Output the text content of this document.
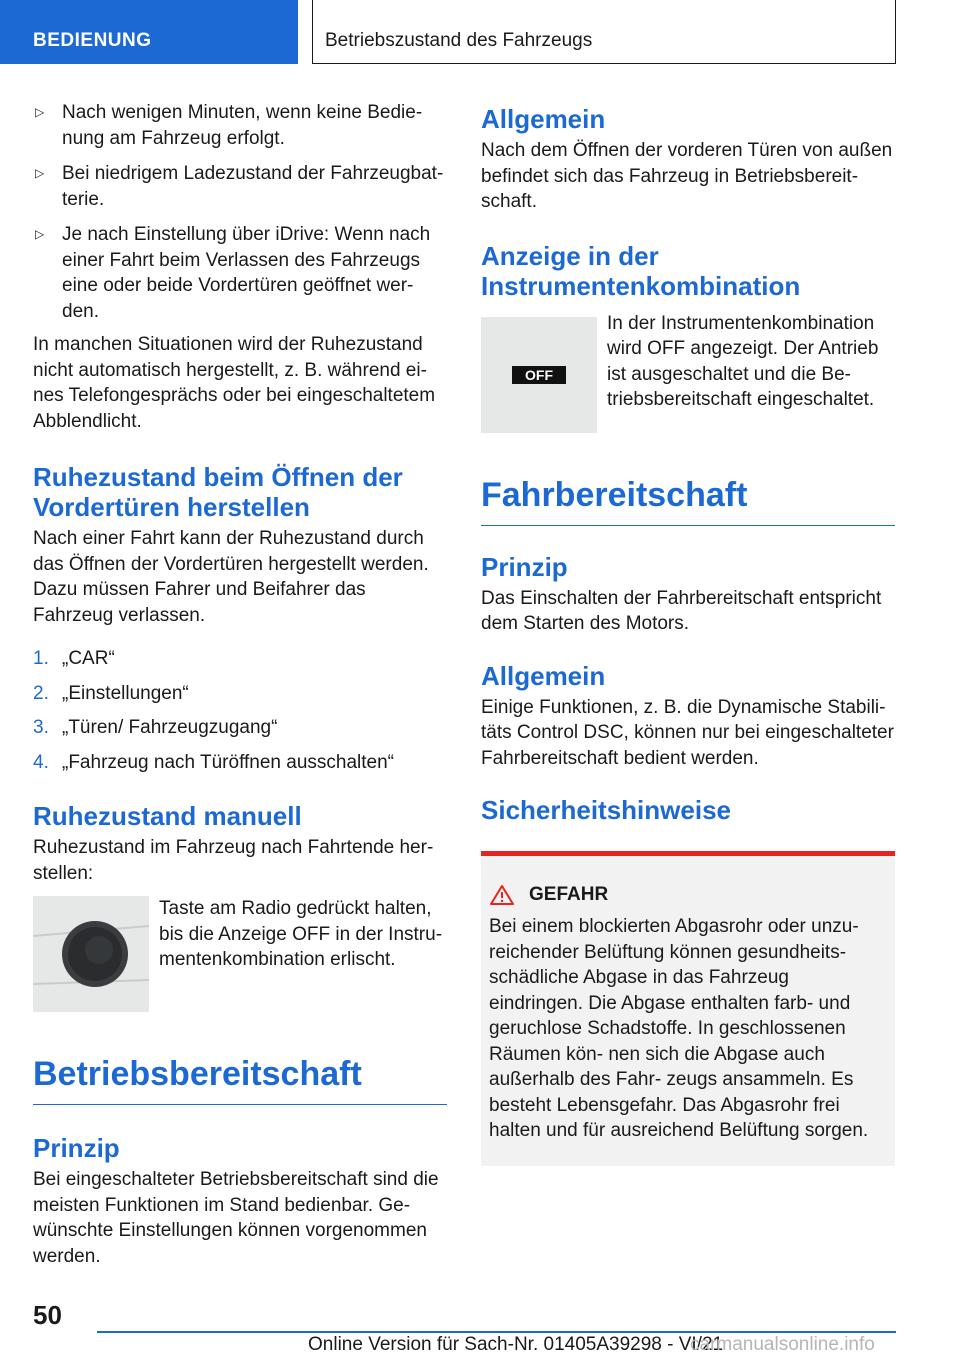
BEDIENUNG	Betriebszustand des Fahrzeugs
▷ Nach wenigen Minuten, wenn keine Bedie- nung am Fahrzeug erfolgt.
▷ Bei niedrigem Ladezustand der Fahrzeugbat- terie.
▷ Je nach Einstellung über iDrive: Wenn nach einer Fahrt beim Verlassen des Fahrzeugs eine oder beide Vordertüren geöffnet wer- den.

In manchen Situationen wird der Ruhezustand nicht automatisch hergestellt, z. B. während ei- nes Telefongesprächs oder bei eingeschaltetem Abblendlicht.

Ruhezustand beim Öffnen der Vordertüren herstellen

Nach einer Fahrt kann der Ruhezustand durch das Öffnen der Vordertüren hergestellt werden. Dazu müssen Fahrer und Beifahrer das Fahrzeug verlassen.

1. „CAR“
2. „Einstellungen“
3. „Türen/ Fahrzeugzugang“
4. „Fahrzeug nach Türöffnen ausschalten“
Ruhezustand manuell

Ruhezustand im Fahrzeug nach Fahrtende her- stellen:

Taste am Radio gedrückt halten, bis die Anzeige OFF in der Instru- mentenkombination erlischt.
Betriebsbereitschaft
Prinzip

Bei eingeschalteter Betriebsbereitschaft sind die meisten Funktionen im Stand bedienbar. Ge- wünschte Einstellungen können vorgenommen werden.

Allgemein

Nach dem Öffnen der vorderen Türen von außen befindet sich das Fahrzeug in Betriebsbereit- schaft.

Anzeige in der Instrumentenkombination
OFF
In der Instrumentenkombination wird OFF angezeigt. Der Antrieb ist ausgeschaltet und die Be- triebsbereitschaft eingeschaltet.
Fahrbereitschaft
Prinzip

Das Einschalten der Fahrbereitschaft entspricht dem Starten des Motors.

Allgemein

Einige Funktionen, z. B. die Dynamische Stabili- täts Control DSC, können nur bei eingeschalteter Fahrbereitschaft bedient werden.

Sicherheitshinweise
GEFAHR

Bei einem blockierten Abgasrohr oder unzu- reichender Belüftung können gesundheits- schädliche Abgase in das Fahrzeug eindringen. Die Abgase enthalten farb- und geruchlose Schadstoffe. In geschlossenen Räumen kön- nen sich die Abgase auch außerhalb des Fahr- zeugs ansammeln. Es besteht Lebensgefahr. Das Abgasrohr frei halten und für ausreichend Belüftung sorgen.

50
Online Version für Sach-Nr. 01405A39298 - VI/21
carmanualsonline.info
